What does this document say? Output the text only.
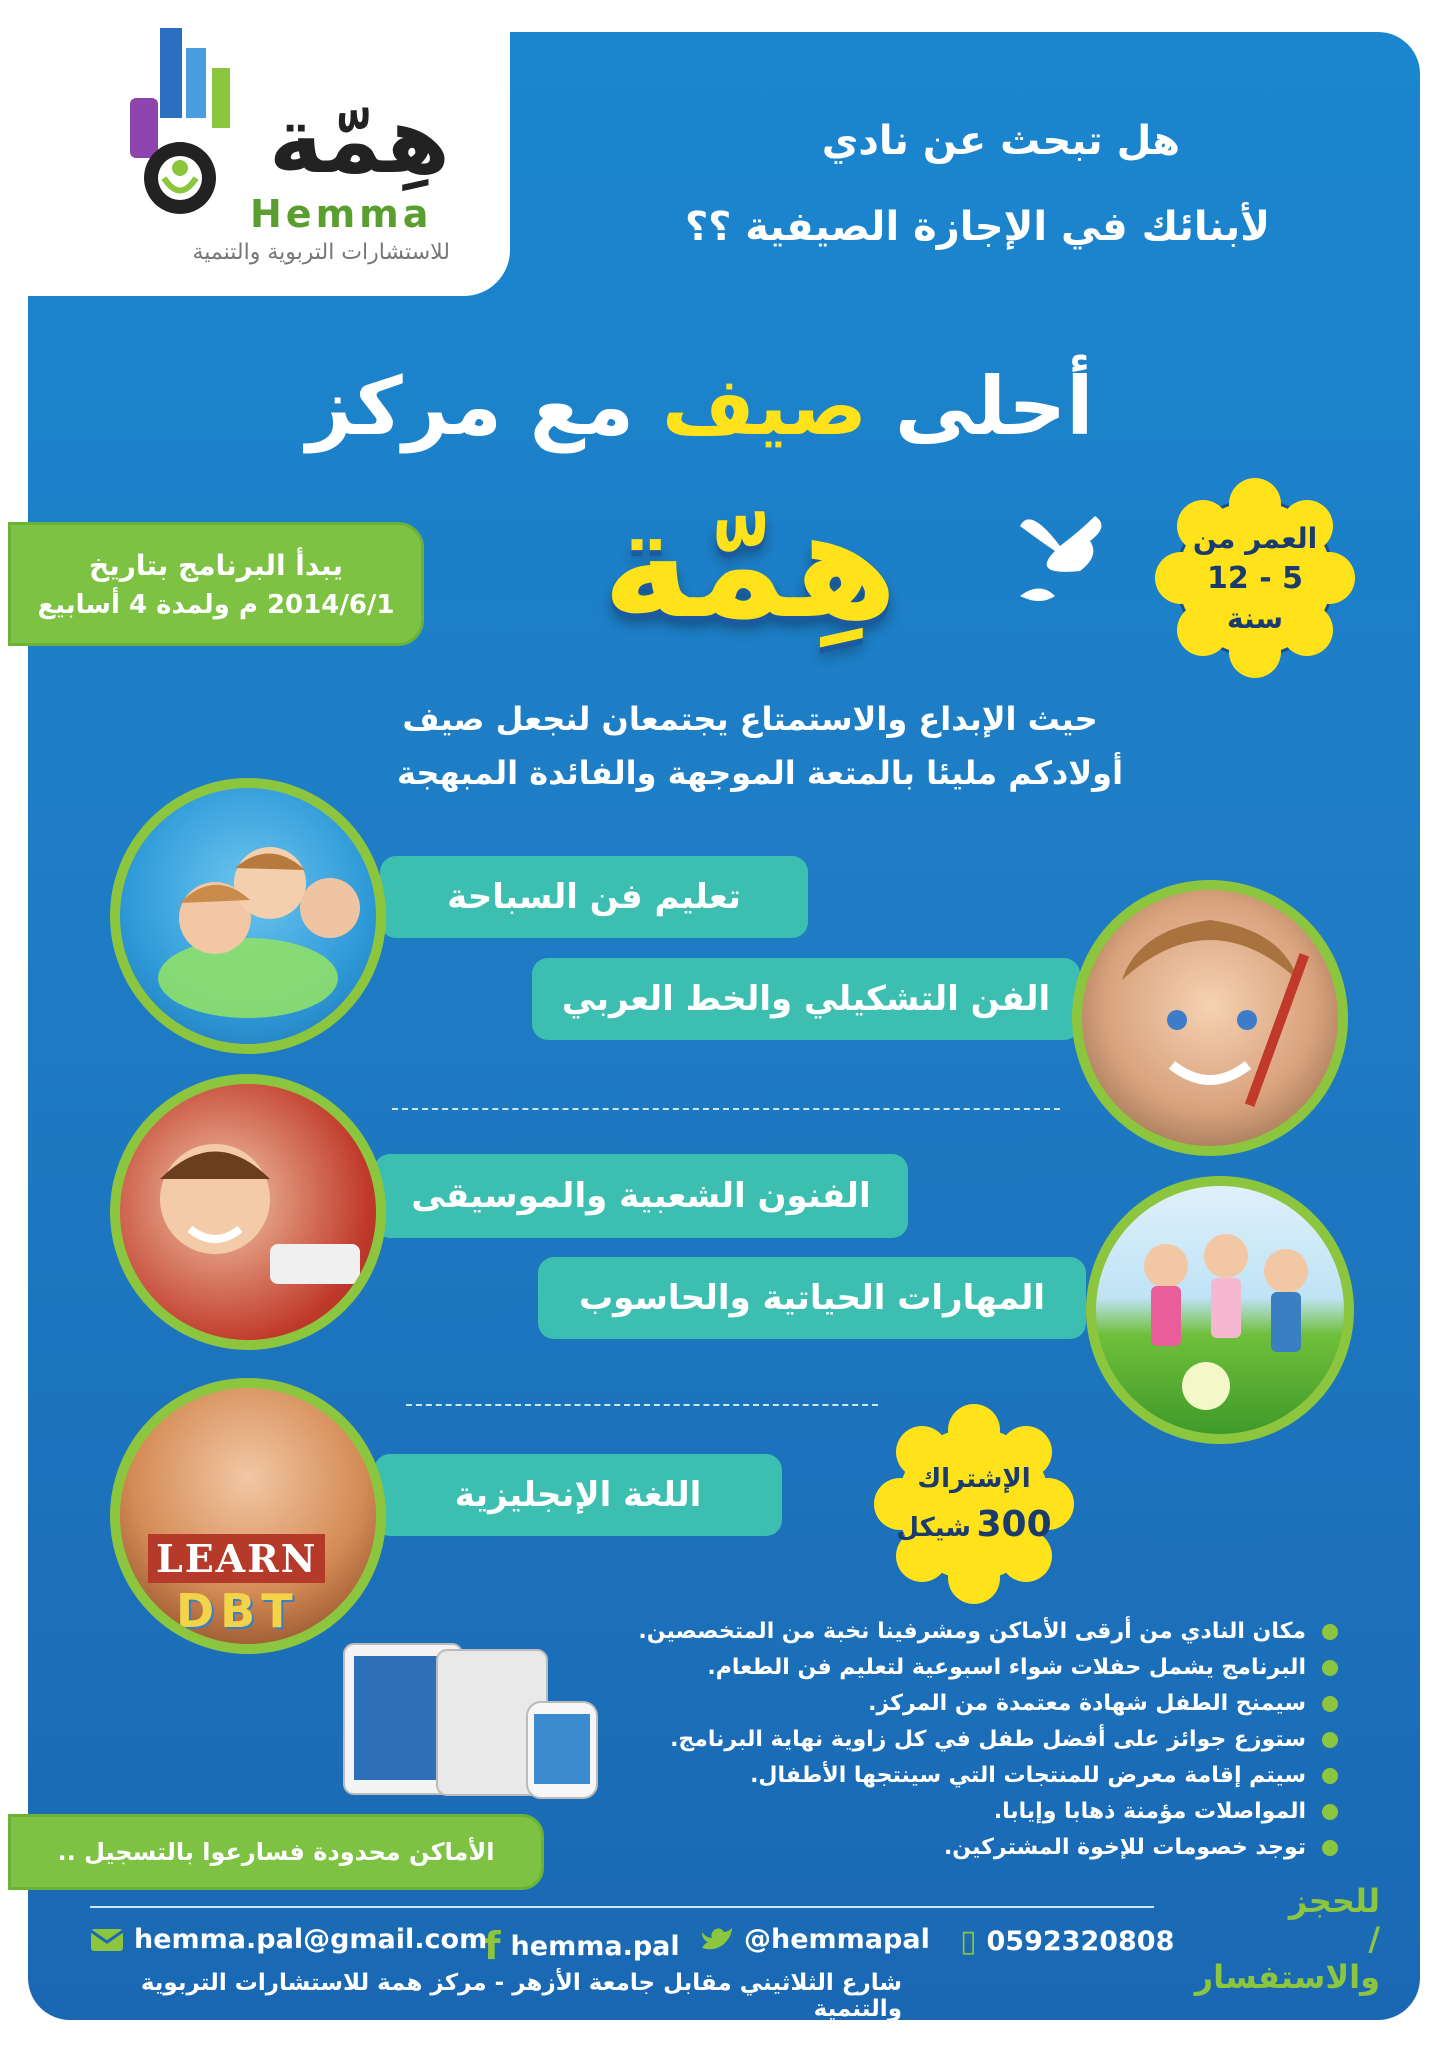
هِمّة
Hemma
للاستشارات التربوية والتنمية
هل تبحث عن نادي
لأبنائك في الإجازة الصيفية ؟؟
أحلى صيف مع مركز
هِمّة
يبدأ البرنامج بتاريخ
2014/6/1 م ولمدة 4 أسابيع
العمر من
5 - 12
سنة
حيث الإبداع والاستمتاع يجتمعان لنجعل صيف
أولادكم مليئا بالمتعة الموجهة والفائدة المبهجة
تعليم فن السباحة
الفن التشكيلي والخط العربي
الفنون الشعبية والموسيقى
المهارات الحياتية والحاسوب
اللغة الإنجليزية
LEARN
DBT
الإشتراك
300 شيكل
مكان النادي من أرقى الأماكن ومشرفينا نخبة من المتخصصين.
البرنامج يشمل حفلات شواء اسبوعية لتعليم فن الطعام.
سيمنح الطفل شهادة معتمدة من المركز.
ستوزع جوائز على أفضل طفل في كل زاوية نهاية البرنامج.
سيتم إقامة معرض للمنتجات التي سينتجها الأطفال.
المواصلات مؤمنة ذهابا وإيابا.
توجد خصومات للإخوة المشتركين.
الأماكن محدودة فسارعوا بالتسجيل ..
للحجز
/ والاستفسار
▯ 0592320808
@hemmapal
f hemma.pal
hemma.pal@gmail.com
شارع الثلاثيني مقابل جامعة الأزهر - مركز همة للاستشارات التربوية والتنمية
